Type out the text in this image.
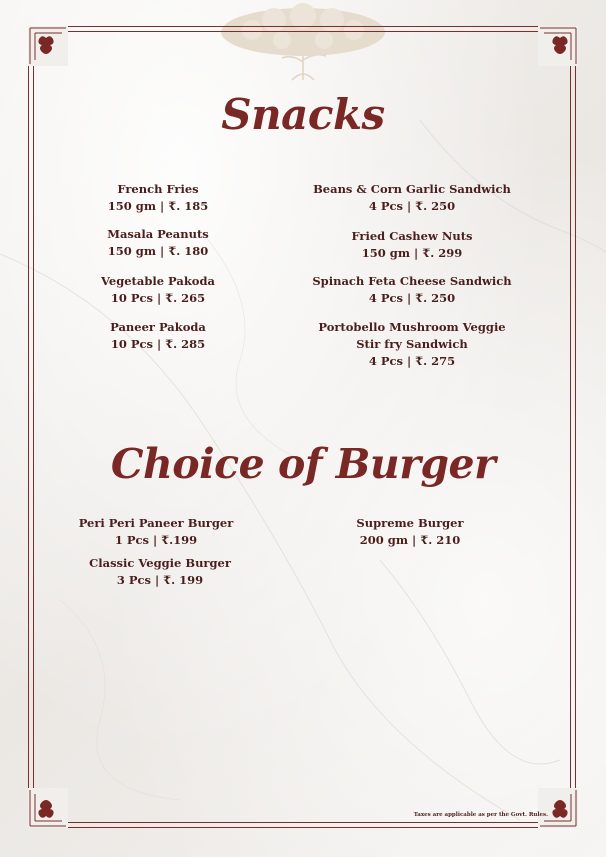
Snacks
French Fries
150 gm | ₹. 185
Masala Peanuts
150 gm | ₹. 180
Vegetable Pakoda
10 Pcs | ₹. 265
Paneer Pakoda
10 Pcs | ₹. 285
Beans & Corn Garlic Sandwich
4 Pcs | ₹. 250
Fried Cashew Nuts
150 gm | ₹. 299
Spinach Feta Cheese Sandwich
4 Pcs | ₹. 250
Portobello Mushroom Veggie
Stir fry Sandwich
4 Pcs | ₹. 275
Choice of Burger
Peri Peri Paneer Burger
1 Pcs | ₹.199
Classic Veggie Burger
3 Pcs | ₹. 199
Supreme Burger
200 gm | ₹. 210
Taxes are applicable as per the Govt. Rules.
